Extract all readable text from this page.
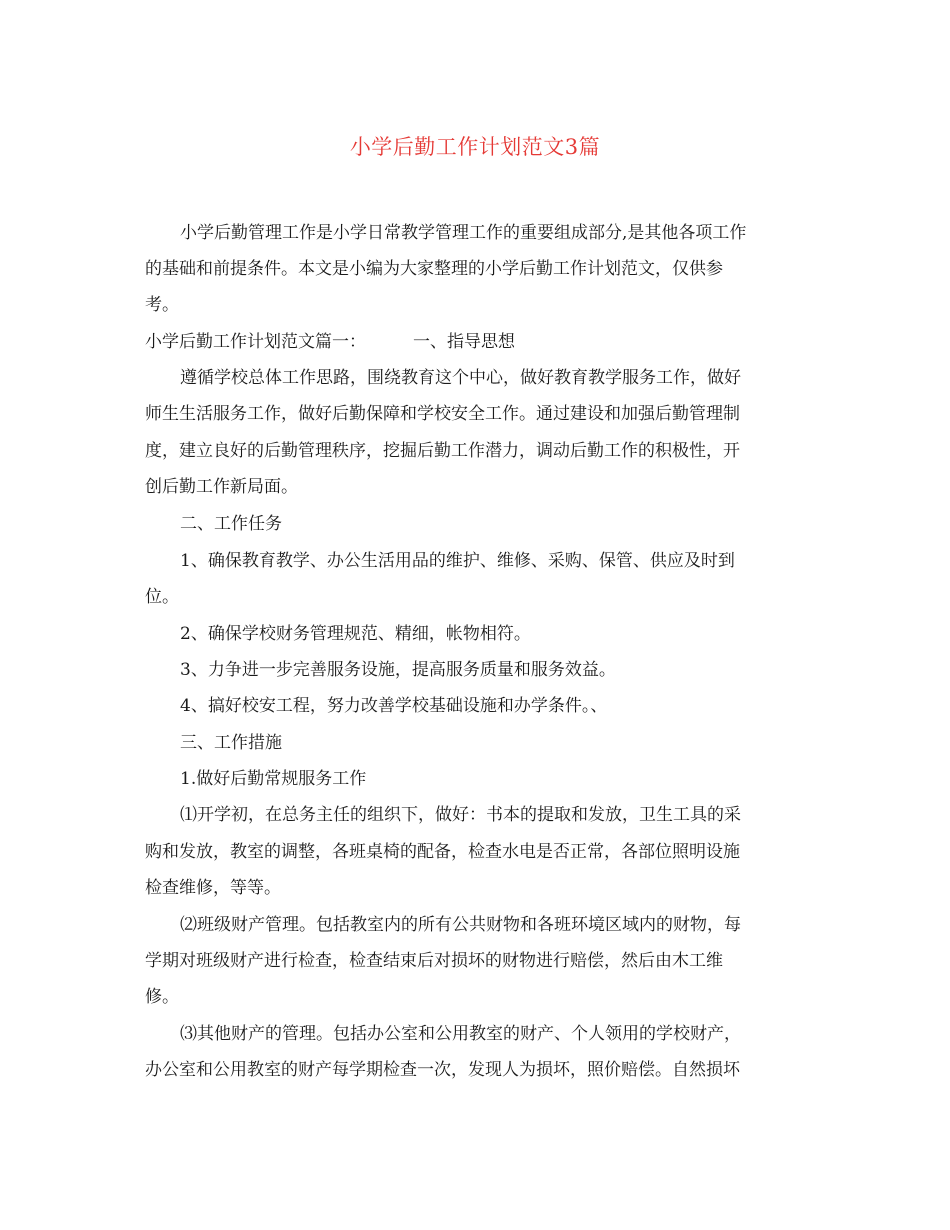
小学后勤工作计划范文3篇
小学后勤管理工作是小学日常教学管理工作的重要组成部分,是其他各项工作
的基础和前提条件。本文是小编为大家整理的小学后勤工作计划范文，仅供参
考。
小学后勤工作计划范文篇一：	一、指导思想
遵循学校总体工作思路，围绕教育这个中心，做好教育教学服务工作，做好
师生生活服务工作，做好后勤保障和学校安全工作。通过建设和加强后勤管理制
度，建立良好的后勤管理秩序，挖掘后勤工作潜力，调动后勤工作的积极性，开
创后勤工作新局面。
二、工作任务
1、确保教育教学、办公生活用品的维护、维修、采购、保管、供应及时到
位。
2、确保学校财务管理规范、精细，帐物相符。
3、力争进一步完善服务设施，提高服务质量和服务效益。
4、搞好校安工程，努力改善学校基础设施和办学条件。、
三、工作措施
1.做好后勤常规服务工作
⑴开学初，在总务主任的组织下，做好：书本的提取和发放，卫生工具的采
购和发放，教室的调整，各班桌椅的配备，检查水电是否正常，各部位照明设施
检查维修，等等。
⑵班级财产管理。包括教室内的所有公共财物和各班环境区域内的财物，每
学期对班级财产进行检查，检查结束后对损坏的财物进行赔偿，然后由木工维
修。
⑶其他财产的管理。包括办公室和公用教室的财产、个人领用的学校财产，
办公室和公用教室的财产每学期检查一次，发现人为损坏，照价赔偿。自然损坏
